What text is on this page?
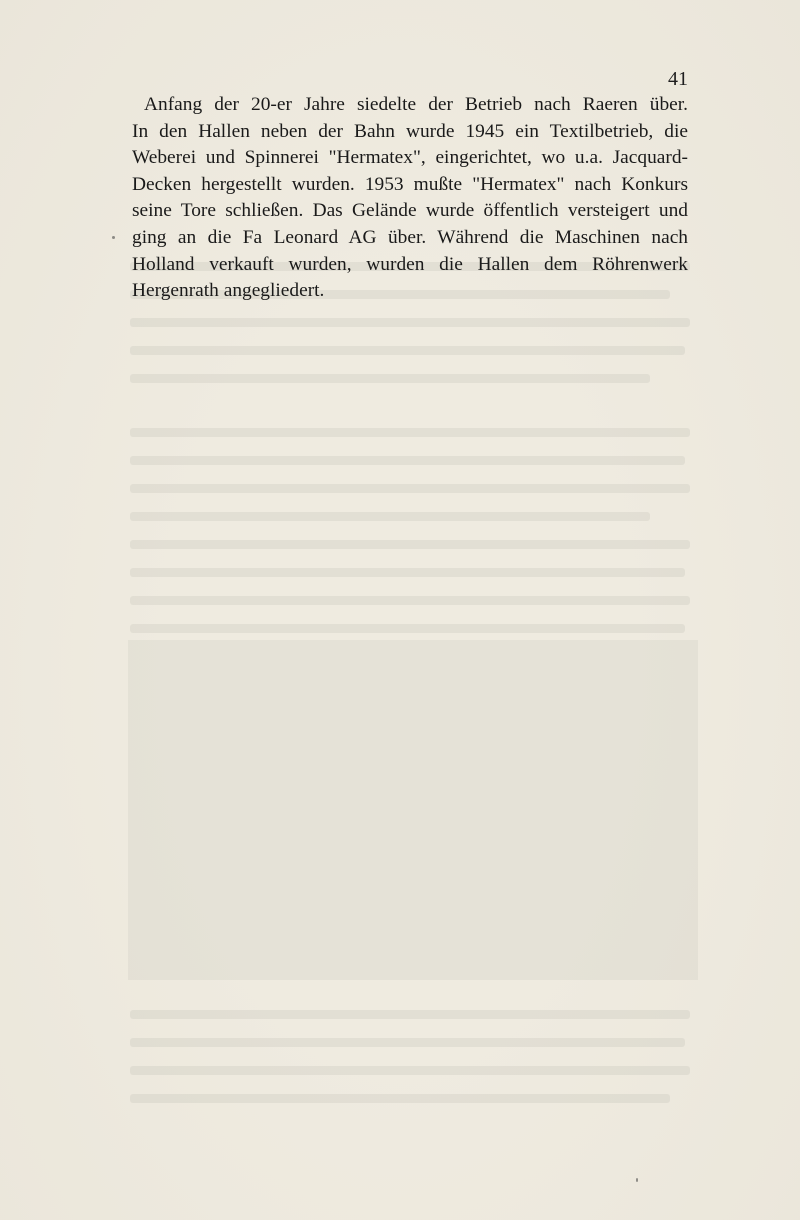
41
Anfang der 20-er Jahre siedelte der Betrieb nach Raeren über.
In den Hallen neben der Bahn wurde 1945 ein Textilbetrieb, die
Weberei und Spinnerei "Hermatex", eingerichtet, wo u.a. Jacquard-
Decken hergestellt wurden. 1953 mußte "Hermatex" nach Konkurs
seine Tore schließen. Das Gelände wurde öffentlich versteigert und
ging an die Fa Leonard AG über. Während die Maschinen nach
Holland verkauft wurden, wurden die Hallen dem Röhrenwerk
Hergenrath angegliedert.
